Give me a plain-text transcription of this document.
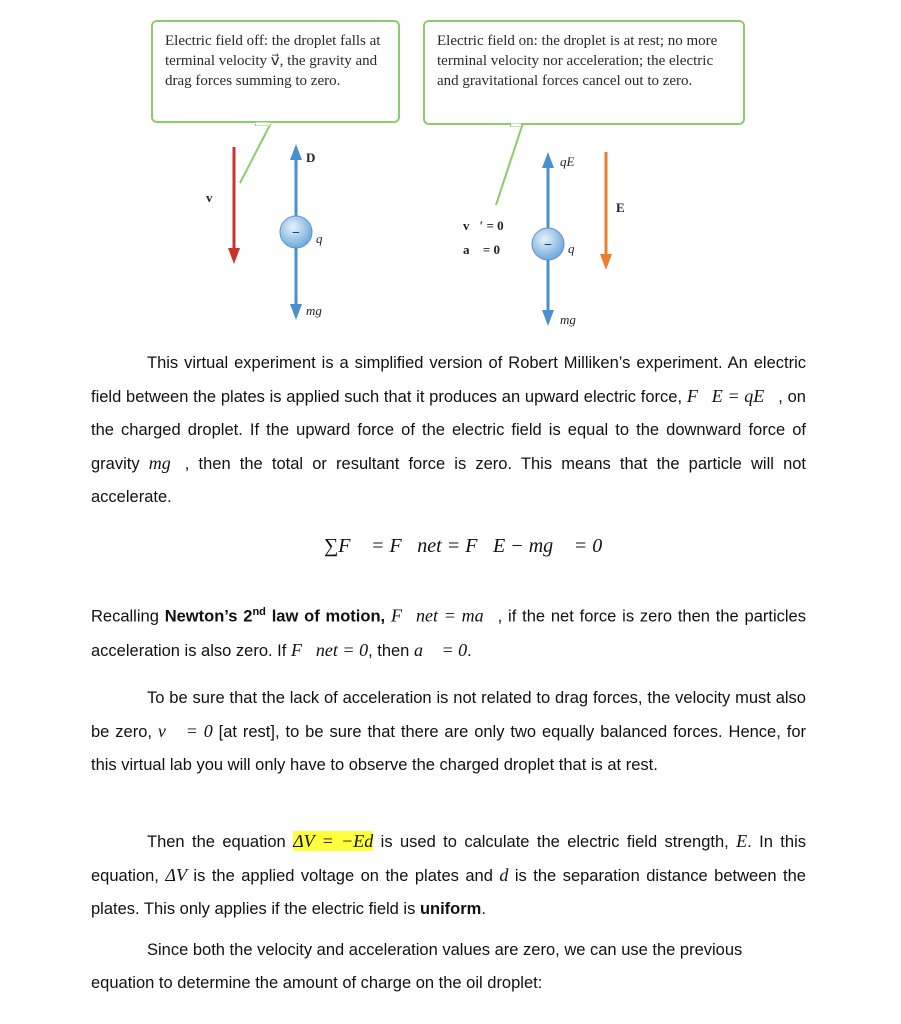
Electric field off: the droplet falls at terminal velocity v⃗, the gravity and drag forces summing to zero.
Electric field on: the droplet is at rest; no more terminal velocity nor acceleration; the electric and gravitational forces cancel out to zero.
v⃗
D⃗
− q
mg⃗
v⃗′ = 0
a⃗ = 0
qE⃗
E⃗
− q
mg⃗

This virtual experiment is a simplified version of Robert Milliken’s experiment. An electric field between the plates is applied such that it produces an upward electric force, F⃗E = qE⃗, on the charged droplet. If the upward force of the electric field is equal to the downward force of gravity mg⃗, then the total or resultant force is zero. This means that the particle will not accelerate.

∑F⃗ = F⃗net = F⃗E − mg⃗ = 0

Recalling Newton’s 2nd law of motion, F⃗net = ma⃗, if the net force is zero then the particles acceleration is also zero. If F⃗net = 0, then a⃗ = 0.

To be sure that the lack of acceleration is not related to drag forces, the velocity must also be zero, v⃗ = 0 [at rest], to be sure that there are only two equally balanced forces. Hence, for this virtual lab you will only have to observe the charged droplet that is at rest.

Then the equation ΔV = −Ed is used to calculate the electric field strength, E. In this equation, ΔV is the applied voltage on the plates and d is the separation distance between the plates. This only applies if the electric field is uniform.

Since both the velocity and acceleration values are zero, we can use the previous equation to determine the amount of charge on the oil droplet:
